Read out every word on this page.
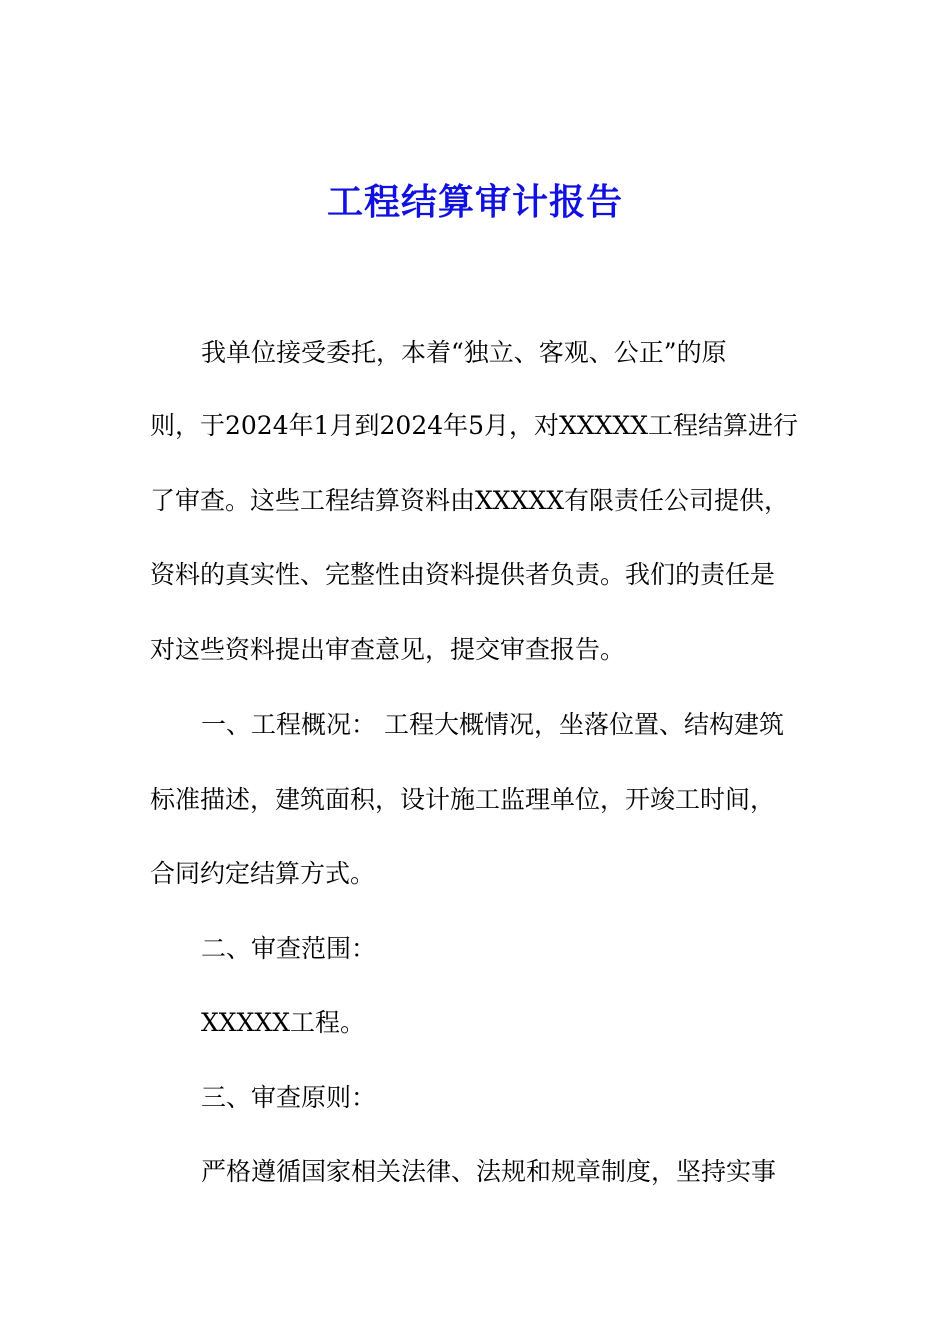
工程结算审计报告

我单位接受委托，本着“独立、客观、公正”的原

则，于2024年1月到2024年5月，对XXXXX工程结算进行

了审查。这些工程结算资料由XXXXX有限责任公司提供，

资料的真实性、完整性由资料提供者负责。我们的责任是

对这些资料提出审查意见，提交审查报告。

一、工程概况： 工程大概情况，坐落位置、结构建筑

标准描述，建筑面积，设计施工监理单位，开竣工时间，

合同约定结算方式。

二、审查范围：

XXXXX工程。

三、审查原则：

严格遵循国家相关法律、法规和规章制度，坚持实事
